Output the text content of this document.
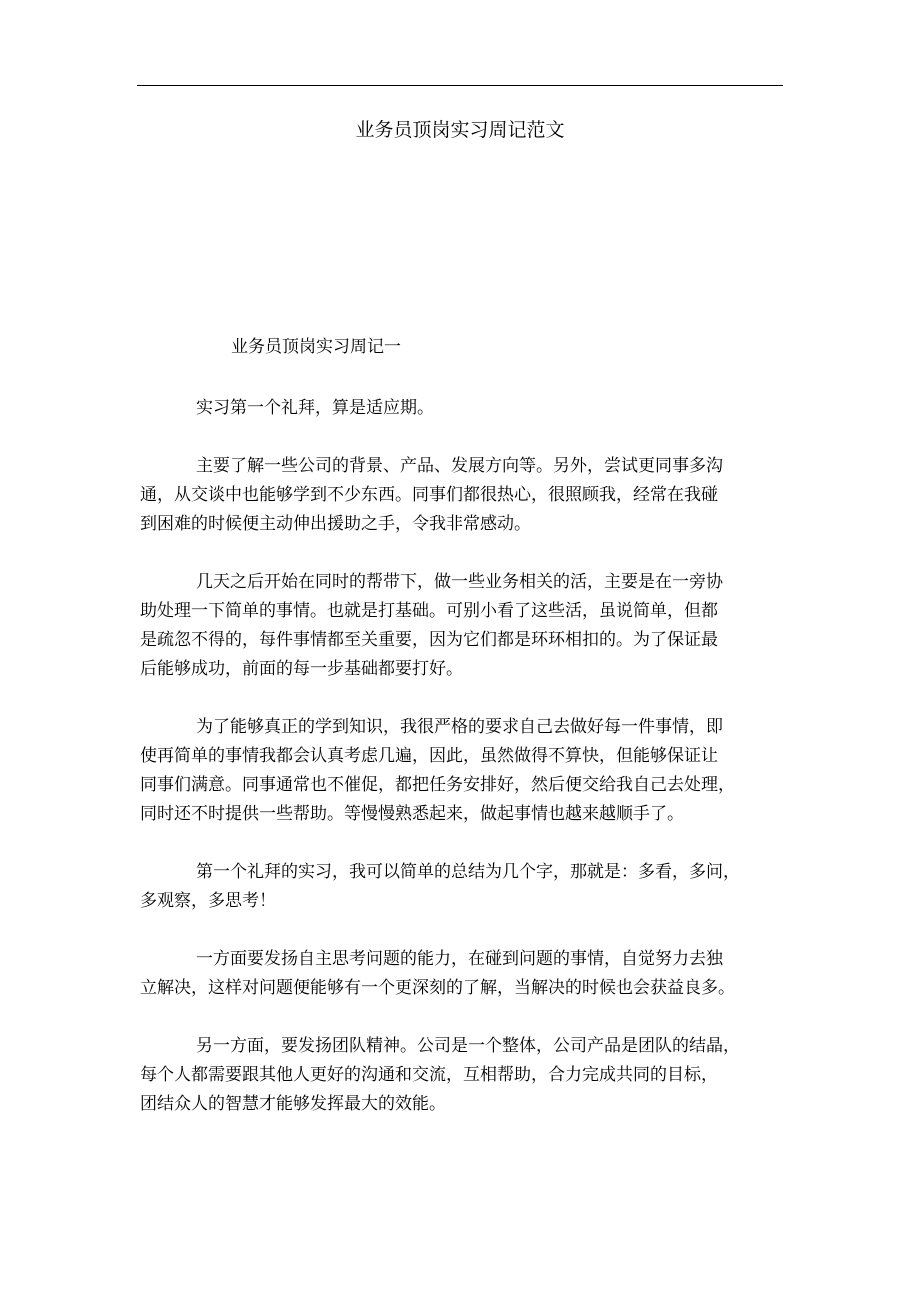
业务员顶岗实习周记范文
业务员顶岗实习周记一

实习第一个礼拜，算是适应期。

主要了解一些公司的背景、产品、发展方向等。另外，尝试更同事多沟
通，从交谈中也能够学到不少东西。同事们都很热心，很照顾我，经常在我碰
到困难的时候便主动伸出援助之手，令我非常感动。

几天之后开始在同时的帮带下，做一些业务相关的活，主要是在一旁协
助处理一下简单的事情。也就是打基础。可别小看了这些活，虽说简单，但都
是疏忽不得的，每件事情都至关重要，因为它们都是环环相扣的。为了保证最
后能够成功，前面的每一步基础都要打好。

为了能够真正的学到知识，我很严格的要求自己去做好每一件事情，即
使再简单的事情我都会认真考虑几遍，因此，虽然做得不算快，但能够保证让
同事们满意。同事通常也不催促，都把任务安排好，然后便交给我自己去处理，
同时还不时提供一些帮助。等慢慢熟悉起来，做起事情也越来越顺手了。

第一个礼拜的实习，我可以简单的总结为几个字，那就是：多看，多问，
多观察，多思考！

一方面要发扬自主思考问题的能力，在碰到问题的事情，自觉努力去独
立解决，这样对问题便能够有一个更深刻的了解，当解决的时候也会获益良多。

另一方面，要发扬团队精神。公司是一个整体，公司产品是团队的结晶，
每个人都需要跟其他人更好的沟通和交流，互相帮助，合力完成共同的目标，
团结众人的智慧才能够发挥最大的效能。
